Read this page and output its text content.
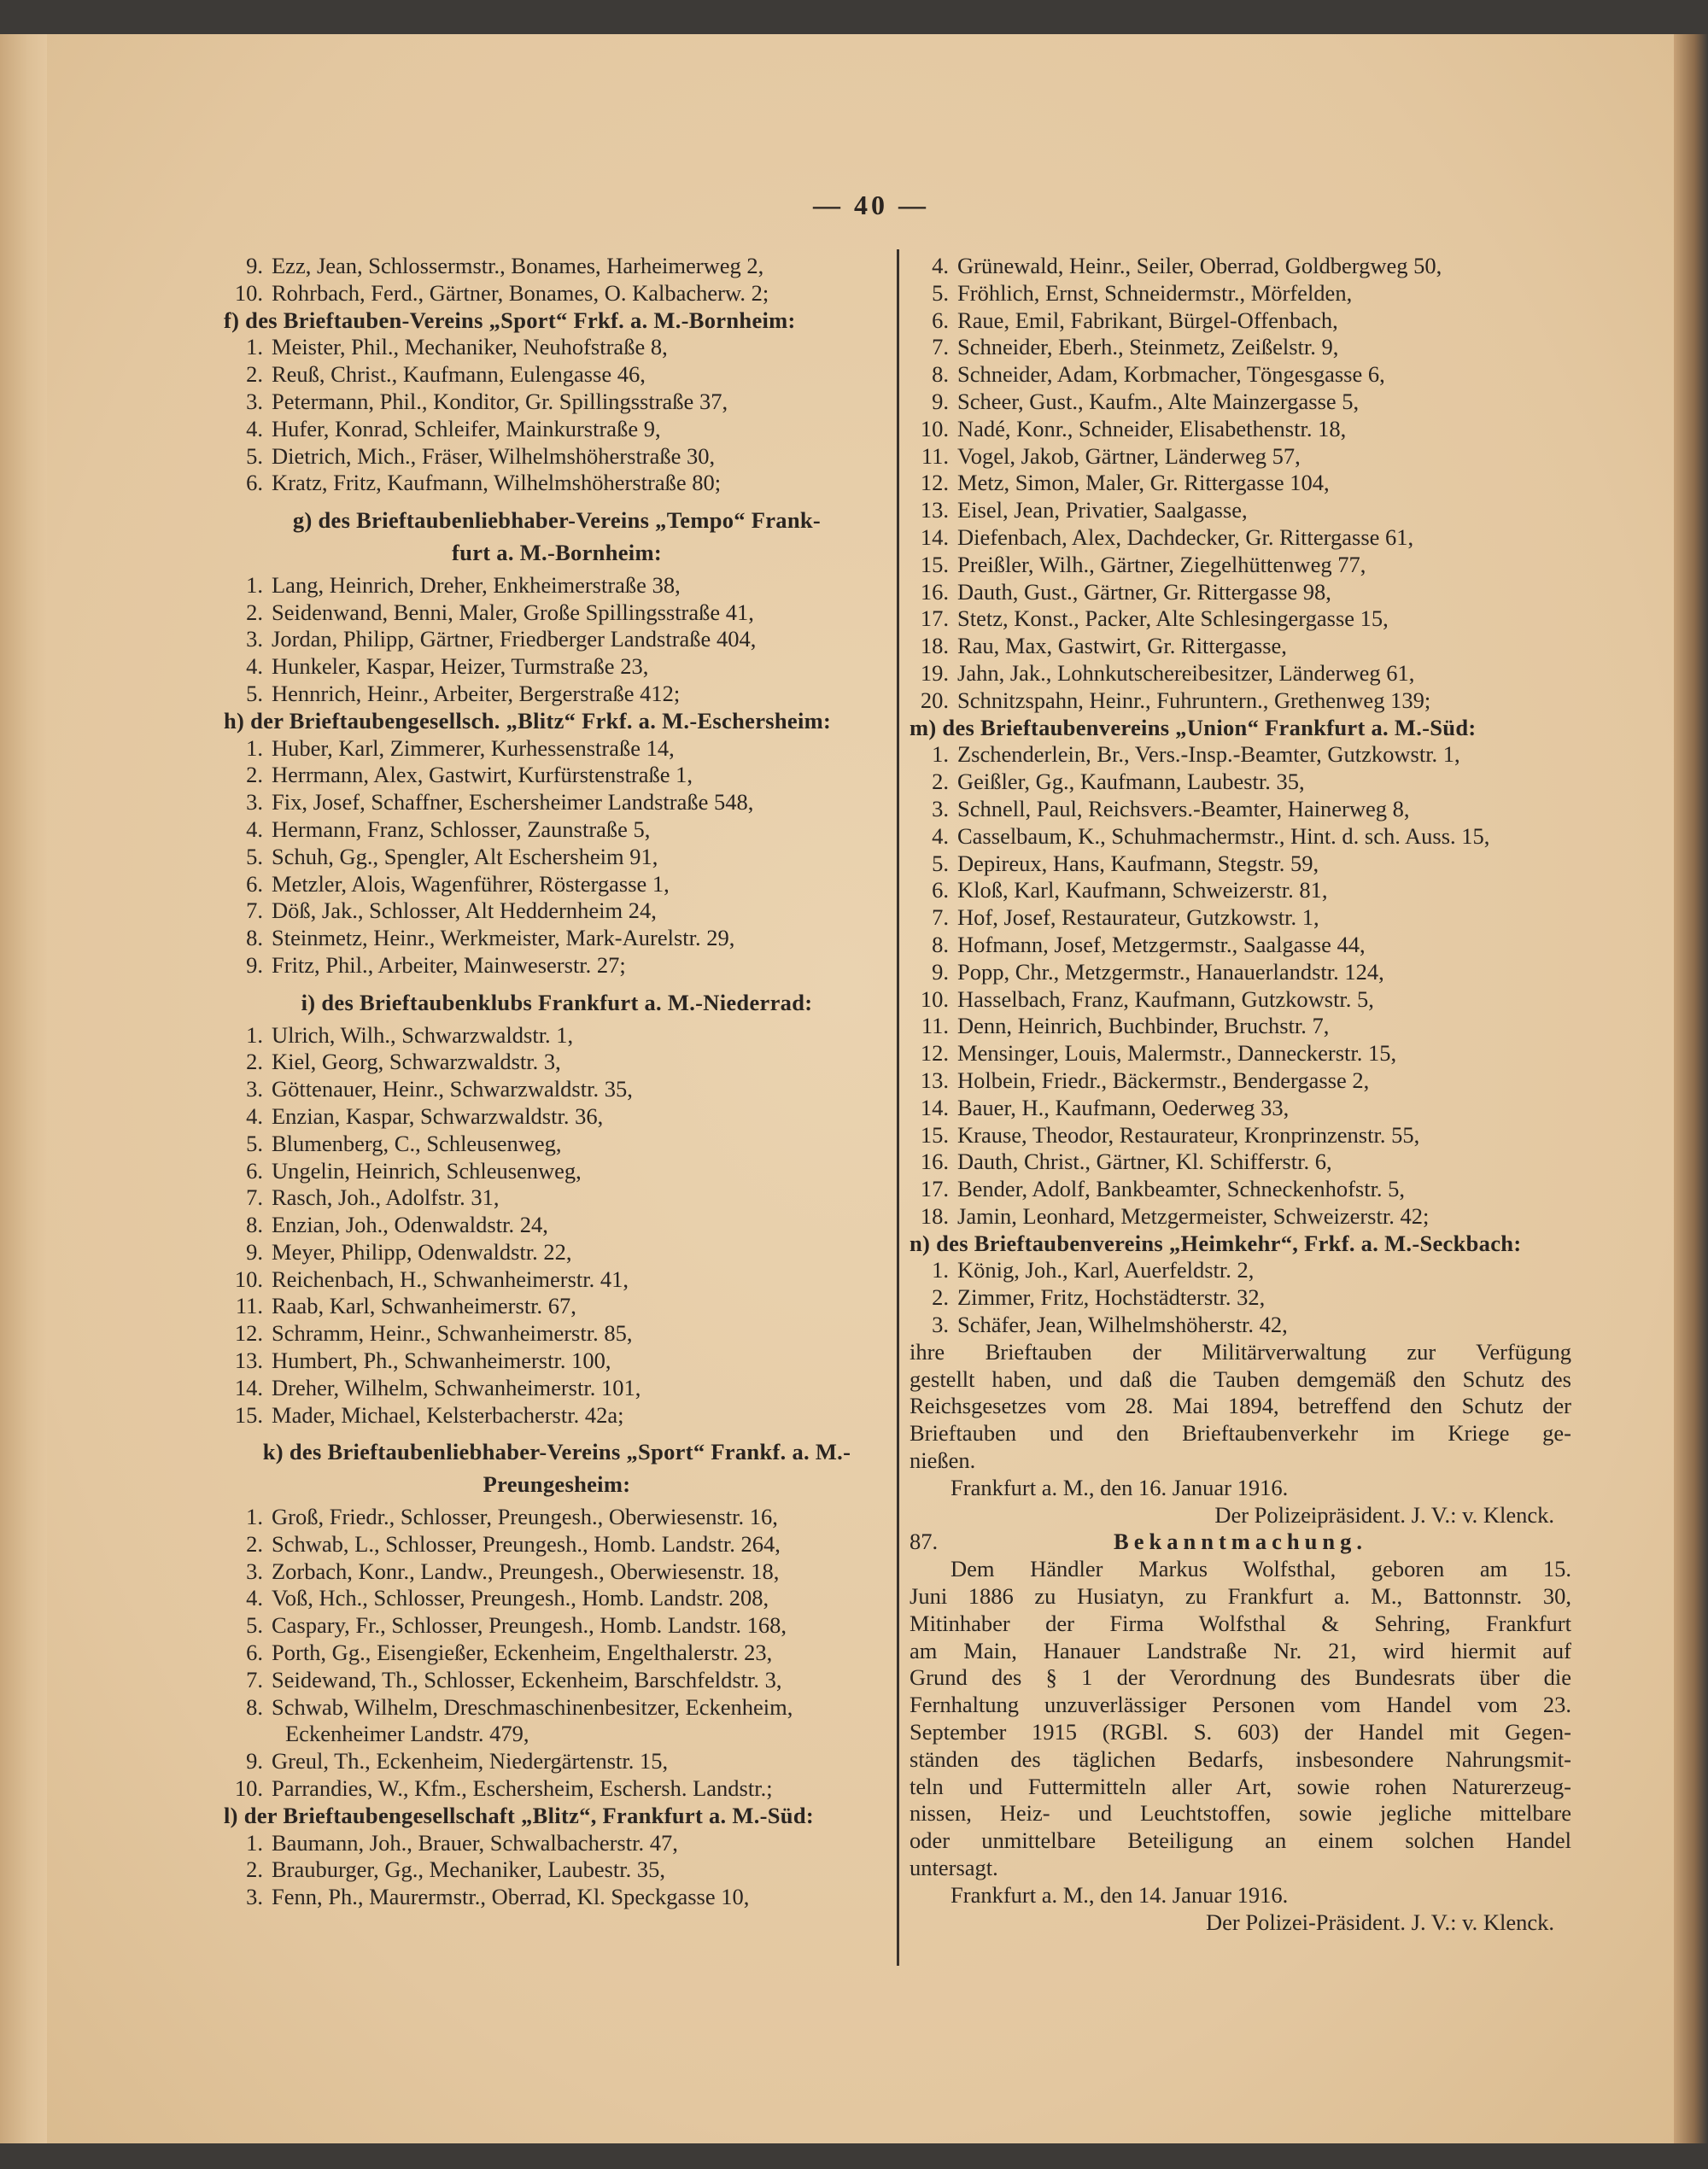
— 40 —
9. Ezz, Jean, Schlossermstr., Bonames, Harheimerweg 2,
10. Rohrbach, Ferd., Gärtner, Bonames, O. Kalbacherw. 2;
f) des Brieftauben-Vereins „Sport“ Frkf. a. M.-Bornheim:
1. Meister, Phil., Mechaniker, Neuhofstraße 8,
2. Reuß, Christ., Kaufmann, Eulengasse 46,
3. Petermann, Phil., Konditor, Gr. Spillingsstraße 37,
4. Hufer, Konrad, Schleifer, Mainkurstraße 9,
5. Dietrich, Mich., Fräser, Wilhelmshöherstraße 30,
6. Kratz, Fritz, Kaufmann, Wilhelmshöherstraße 80;
g) des Brieftaubenliebhaber-Vereins „Tempo“ Frank-
furt a. M.-Bornheim:
1. Lang, Heinrich, Dreher, Enkheimerstraße 38,
2. Seidenwand, Benni, Maler, Große Spillingsstraße 41,
3. Jordan, Philipp, Gärtner, Friedberger Landstraße 404,
4. Hunkeler, Kaspar, Heizer, Turmstraße 23,
5. Hennrich, Heinr., Arbeiter, Bergerstraße 412;
h) der Brieftaubengesellsch. „Blitz“ Frkf. a. M.-Eschersheim:
1. Huber, Karl, Zimmerer, Kurhessenstraße 14,
2. Herrmann, Alex, Gastwirt, Kurfürstenstraße 1,
3. Fix, Josef, Schaffner, Eschersheimer Landstraße 548,
4. Hermann, Franz, Schlosser, Zaunstraße 5,
5. Schuh, Gg., Spengler, Alt Eschersheim 91,
6. Metzler, Alois, Wagenführer, Röstergasse 1,
7. Döß, Jak., Schlosser, Alt Heddernheim 24,
8. Steinmetz, Heinr., Werkmeister, Mark-Aurelstr. 29,
9. Fritz, Phil., Arbeiter, Mainweserstr. 27;
i) des Brieftaubenklubs Frankfurt a. M.-Niederrad:
1. Ulrich, Wilh., Schwarzwaldstr. 1,
2. Kiel, Georg, Schwarzwaldstr. 3,
3. Göttenauer, Heinr., Schwarzwaldstr. 35,
4. Enzian, Kaspar, Schwarzwaldstr. 36,
5. Blumenberg, C., Schleusenweg,
6. Ungelin, Heinrich, Schleusenweg,
7. Rasch, Joh., Adolfstr. 31,
8. Enzian, Joh., Odenwaldstr. 24,
9. Meyer, Philipp, Odenwaldstr. 22,
10. Reichenbach, H., Schwanheimerstr. 41,
11. Raab, Karl, Schwanheimerstr. 67,
12. Schramm, Heinr., Schwanheimerstr. 85,
13. Humbert, Ph., Schwanheimerstr. 100,
14. Dreher, Wilhelm, Schwanheimerstr. 101,
15. Mader, Michael, Kelsterbacherstr. 42a;
k) des Brieftaubenliebhaber-Vereins „Sport“ Frankf. a. M.-
Preungesheim:
1. Groß, Friedr., Schlosser, Preungesh., Oberwiesenstr. 16,
2. Schwab, L., Schlosser, Preungesh., Homb. Landstr. 264,
3. Zorbach, Konr., Landw., Preungesh., Oberwiesenstr. 18,
4. Voß, Hch., Schlosser, Preungesh., Homb. Landstr. 208,
5. Caspary, Fr., Schlosser, Preungesh., Homb. Landstr. 168,
6. Porth, Gg., Eisengießer, Eckenheim, Engelthalerstr. 23,
7. Seidewand, Th., Schlosser, Eckenheim, Barschfeldstr. 3,
8. Schwab, Wilhelm, Dreschmaschinenbesitzer, Eckenheim,
Eckenheimer Landstr. 479,
9. Greul, Th., Eckenheim, Niedergärtenstr. 15,
10. Parrandies, W., Kfm., Eschersheim, Eschersh. Landstr.;
l) der Brieftaubengesellschaft „Blitz“, Frankfurt a. M.-Süd:
1. Baumann, Joh., Brauer, Schwalbacherstr. 47,
2. Brauburger, Gg., Mechaniker, Laubestr. 35,
3. Fenn, Ph., Maurermstr., Oberrad, Kl. Speckgasse 10,
4. Grünewald, Heinr., Seiler, Oberrad, Goldbergweg 50,
5. Fröhlich, Ernst, Schneidermstr., Mörfelden,
6. Raue, Emil, Fabrikant, Bürgel-Offenbach,
7. Schneider, Eberh., Steinmetz, Zeißelstr. 9,
8. Schneider, Adam, Korbmacher, Töngesgasse 6,
9. Scheer, Gust., Kaufm., Alte Mainzergasse 5,
10. Nadé, Konr., Schneider, Elisabethenstr. 18,
11. Vogel, Jakob, Gärtner, Länderweg 57,
12. Metz, Simon, Maler, Gr. Rittergasse 104,
13. Eisel, Jean, Privatier, Saalgasse,
14. Diefenbach, Alex, Dachdecker, Gr. Rittergasse 61,
15. Preißler, Wilh., Gärtner, Ziegelhüttenweg 77,
16. Dauth, Gust., Gärtner, Gr. Rittergasse 98,
17. Stetz, Konst., Packer, Alte Schlesingergasse 15,
18. Rau, Max, Gastwirt, Gr. Rittergasse,
19. Jahn, Jak., Lohnkutschereibesitzer, Länderweg 61,
20. Schnitzspahn, Heinr., Fuhruntern., Grethenweg 139;
m) des Brieftaubenvereins „Union“ Frankfurt a. M.-Süd:
1. Zschenderlein, Br., Vers.-Insp.-Beamter, Gutzkowstr. 1,
2. Geißler, Gg., Kaufmann, Laubestr. 35,
3. Schnell, Paul, Reichsvers.-Beamter, Hainerweg 8,
4. Casselbaum, K., Schuhmachermstr., Hint. d. sch. Auss. 15,
5. Depireux, Hans, Kaufmann, Stegstr. 59,
6. Kloß, Karl, Kaufmann, Schweizerstr. 81,
7. Hof, Josef, Restaurateur, Gutzkowstr. 1,
8. Hofmann, Josef, Metzgermstr., Saalgasse 44,
9. Popp, Chr., Metzgermstr., Hanauerlandstr. 124,
10. Hasselbach, Franz, Kaufmann, Gutzkowstr. 5,
11. Denn, Heinrich, Buchbinder, Bruchstr. 7,
12. Mensinger, Louis, Malermstr., Danneckerstr. 15,
13. Holbein, Friedr., Bäckermstr., Bendergasse 2,
14. Bauer, H., Kaufmann, Oederweg 33,
15. Krause, Theodor, Restaurateur, Kronprinzenstr. 55,
16. Dauth, Christ., Gärtner, Kl. Schifferstr. 6,
17. Bender, Adolf, Bankbeamter, Schneckenhofstr. 5,
18. Jamin, Leonhard, Metzgermeister, Schweizerstr. 42;
n) des Brieftaubenvereins „Heimkehr“, Frkf. a. M.-Seckbach:
1. König, Joh., Karl, Auerfeldstr. 2,
2. Zimmer, Fritz, Hochstädterstr. 32,
3. Schäfer, Jean, Wilhelmshöherstr. 42,
ihre Brieftauben der Militärverwaltung zur Verfügung
gestellt haben, und daß die Tauben demgemäß den Schutz des
Reichsgesetzes vom 28. Mai 1894, betreffend den Schutz der
Brieftauben und den Brieftaubenverkehr im Kriege ge-
nießen.
Frankfurt a. M., den 16. Januar 1916.
Der Polizeipräsident. J. V.: v. Klenck.
87.	Bekanntmachung.
Dem Händler Markus Wolfsthal, geboren am 15.
Juni 1886 zu Husiatyn, zu Frankfurt a. M., Battonnstr. 30,
Mitinhaber der Firma Wolfsthal & Sehring, Frankfurt
am Main, Hanauer Landstraße Nr. 21, wird hiermit auf
Grund des § 1 der Verordnung des Bundesrats über die
Fernhaltung unzuverlässiger Personen vom Handel vom 23.
September 1915 (RGBl. S. 603) der Handel mit Gegen-
ständen des täglichen Bedarfs, insbesondere Nahrungsmit-
teln und Futtermitteln aller Art, sowie rohen Naturerzeug-
nissen, Heiz- und Leuchtstoffen, sowie jegliche mittelbare
oder unmittelbare Beteiligung an einem solchen Handel
untersagt.
Frankfurt a. M., den 14. Januar 1916.
Der Polizei-Präsident. J. V.: v. Klenck.
